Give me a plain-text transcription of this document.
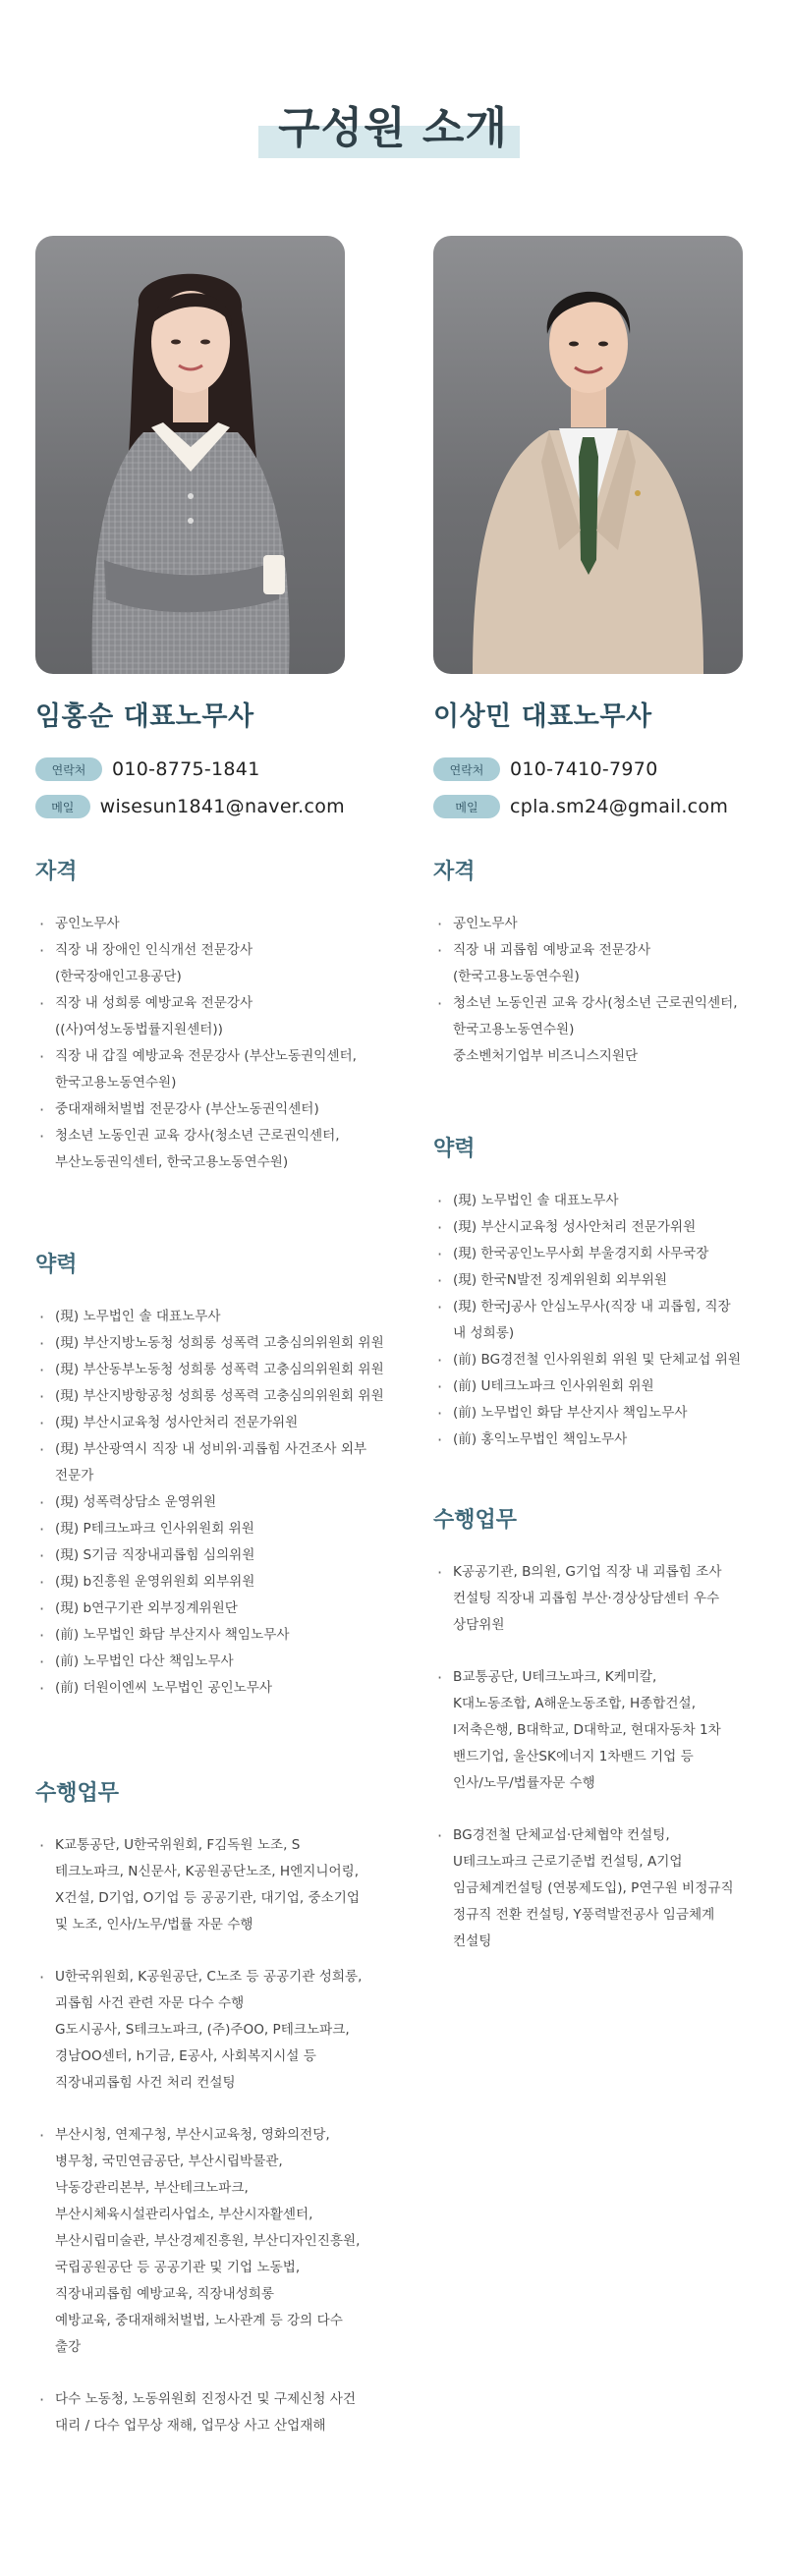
구성원 소개
임홍순 대표노무사
연락처	010-8775-1841
메일	wisesun1841@naver.com
자격
· 공인노무사
· 직장 내 장애인 인식개선 전문강사
(한국장애인고용공단)
· 직장 내 성희롱 예방교육 전문강사
((사)여성노동법률지원센터))
· 직장 내 갑질 예방교육 전문강사 (부산노동권익센터,
한국고용노동연수원)
· 중대재해처벌법 전문강사 (부산노동권익센터)
· 청소년 노동인권 교육 강사(청소년 근로권익센터,
부산노동권익센터, 한국고용노동연수원)
약력
· (現) 노무법인 솔 대표노무사
· (現) 부산지방노동청 성희롱 성폭력 고충심의위원회 위원
· (現) 부산동부노동청 성희롱 성폭력 고충심의위원회 위원
· (現) 부산지방항공청 성희롱 성폭력 고충심의위원회 위원
· (現) 부산시교육청 성사안처리 전문가위원
· (現) 부산광역시 직장 내 성비위·괴롭힘 사건조사 외부
전문가
· (現) 성폭력상담소 운영위원
· (現) P테크노파크 인사위원회 위원
· (現) S기금 직장내괴롭힘 심의위원
· (現) b진흥원 운영위원회 외부위원
· (現) b연구기관 외부징계위원단
· (前) 노무법인 화담 부산지사 책임노무사
· (前) 노무법인 다산 책임노무사
· (前) 더원이엔씨 노무법인 공인노무사
수행업무
· K교통공단, U한국위원회, F김독원 노조, S
테크노파크, N신문사, K공원공단노조, H엔지니어링,
X건설, D기업, O기업 등 공공기관, 대기업, 중소기업
및 노조, 인사/노무/법률 자문 수행
· U한국위원회, K공원공단, C노조 등 공공기관 성희롱,
괴롭힘 사건 관련 자문 다수 수행
G도시공사, S테크노파크, (주)주OO, P테크노파크,
경남OO센터, h기금, E공사, 사회복지시설 등
직장내괴롭힘 사건 처리 컨설팅
· 부산시청, 연제구청, 부산시교육청, 영화의전당,
병무청, 국민연금공단, 부산시립박물관,
낙동강관리본부, 부산테크노파크,
부산시체육시설관리사업소, 부산시자활센터,
부산시립미술관, 부산경제진흥원, 부산디자인진흥원,
국립공원공단 등 공공기관 및 기업 노동법,
직장내괴롭힘 예방교육, 직장내성희롱
예방교육, 중대재해처벌법, 노사관계 등 강의 다수
출강
· 다수 노동청, 노동위원회 진정사건 및 구제신청 사건
대리 / 다수 업무상 재해, 업무상 사고 산업재해
이상민 대표노무사
연락처	010-7410-7970
메일	cpla.sm24@gmail.com
자격
· 공인노무사
· 직장 내 괴롭힘 예방교육 전문강사
(한국고용노동연수원)
· 청소년 노동인권 교육 강사(청소년 근로권익센터,
한국고용노동연수원)
중소벤처기업부 비즈니스지원단
약력
· (現) 노무법인 솔 대표노무사
· (現) 부산시교육청 성사안처리 전문가위원
· (現) 한국공인노무사회 부울경지회 사무국장
· (現) 한국N발전 징계위원회 외부위원
· (現) 한국J공사 안심노무사(직장 내 괴롭힘, 직장
내 성희롱)
· (前) BG경전철 인사위원회 위원 및 단체교섭 위원
· (前) U테크노파크 인사위원회 위원
· (前) 노무법인 화담 부산지사 책임노무사
· (前) 홍익노무법인 책임노무사
수행업무
· K공공기관, B의원, G기업 직장 내 괴롭힘 조사
컨설팅 직장내 괴롭힘 부산·경상상담센터 우수
상담위원
· B교통공단, U테크노파크, K케미칼,
K대노동조합, A해운노동조합, H종합건설,
I저축은행, B대학교, D대학교, 현대자동차 1차
밴드기업, 울산SK에너지 1차밴드 기업 등
인사/노무/법률자문 수행
· BG경전철 단체교섭·단체협약 컨설팅,
U테크노파크 근로기준법 컨설팅, A기업
임금체계컨설팅 (연봉제도입), P연구원 비정규직
정규직 전환 컨설팅, Y풍력발전공사 임금체계
컨설팅
